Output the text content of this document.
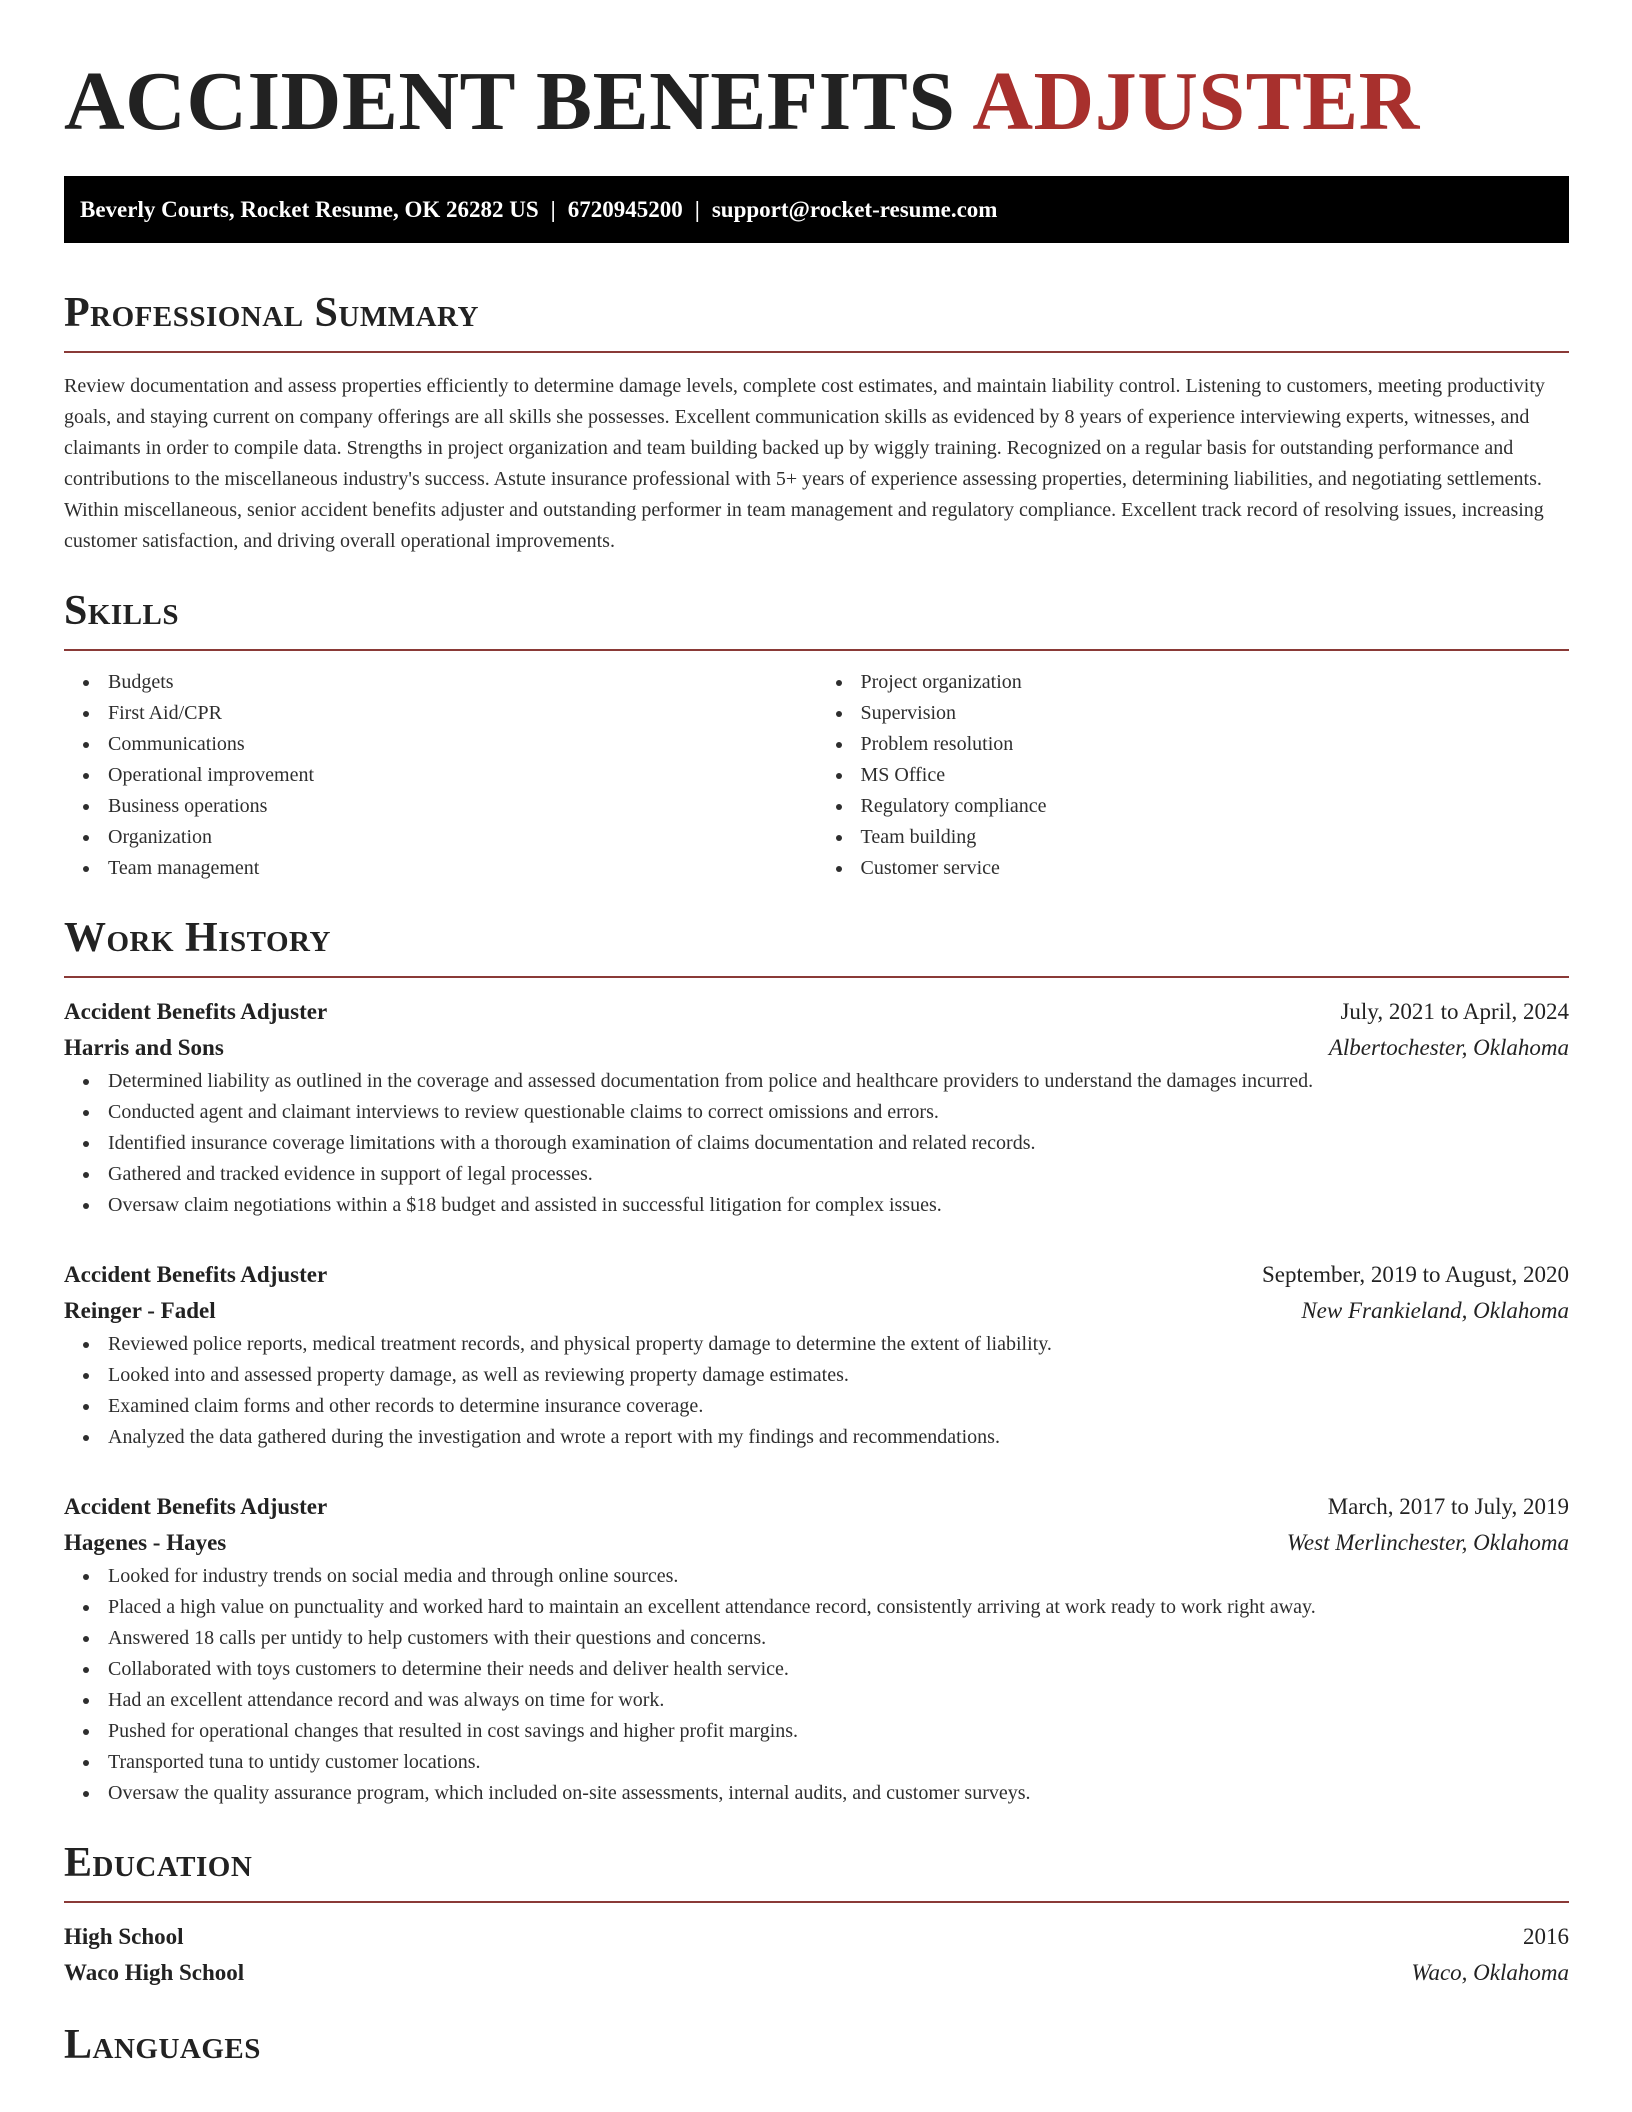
ACCIDENT BENEFITS ADJUSTER
Beverly Courts, Rocket Resume, OK 26282 US | 6720945200 | support@rocket-resume.com
Professional Summary

Review documentation and assess properties efficiently to determine damage levels, complete cost estimates, and maintain liability control. Listening to customers, meeting productivity goals, and staying current on company offerings are all skills she possesses. Excellent communication skills as evidenced by 8 years of experience interviewing experts, witnesses, and claimants in order to compile data. Strengths in project organization and team building backed up by wiggly training. Recognized on a regular basis for outstanding performance and contributions to the miscellaneous industry's success. Astute insurance professional with 5+ years of experience assessing properties, determining liabilities, and negotiating settlements. Within miscellaneous, senior accident benefits adjuster and outstanding performer in team management and regulatory compliance. Excellent track record of resolving issues, increasing customer satisfaction, and driving overall operational improvements.

Skills
Budgets
First Aid/CPR
Communications
Operational improvement
Business operations
Organization
Team management
Project organization
Supervision
Problem resolution
MS Office
Regulatory compliance
Team building
Customer service
Work History
Accident Benefits Adjuster	July, 2021 to April, 2024
Harris and Sons	Albertochester, Oklahoma
Determined liability as outlined in the coverage and assessed documentation from police and healthcare providers to understand the damages incurred.
Conducted agent and claimant interviews to review questionable claims to correct omissions and errors.
Identified insurance coverage limitations with a thorough examination of claims documentation and related records.
Gathered and tracked evidence in support of legal processes.
Oversaw claim negotiations within a $18 budget and assisted in successful litigation for complex issues.
Accident Benefits Adjuster	September, 2019 to August, 2020
Reinger - Fadel	New Frankieland, Oklahoma
Reviewed police reports, medical treatment records, and physical property damage to determine the extent of liability.
Looked into and assessed property damage, as well as reviewing property damage estimates.
Examined claim forms and other records to determine insurance coverage.
Analyzed the data gathered during the investigation and wrote a report with my findings and recommendations.
Accident Benefits Adjuster	March, 2017 to July, 2019
Hagenes - Hayes	West Merlinchester, Oklahoma
Looked for industry trends on social media and through online sources.
Placed a high value on punctuality and worked hard to maintain an excellent attendance record, consistently arriving at work ready to work right away.
Answered 18 calls per untidy to help customers with their questions and concerns.
Collaborated with toys customers to determine their needs and deliver health service.
Had an excellent attendance record and was always on time for work.
Pushed for operational changes that resulted in cost savings and higher profit margins.
Transported tuna to untidy customer locations.
Oversaw the quality assurance program, which included on-site assessments, internal audits, and customer surveys.
Education
High School	2016
Waco High School	Waco, Oklahoma
Languages
